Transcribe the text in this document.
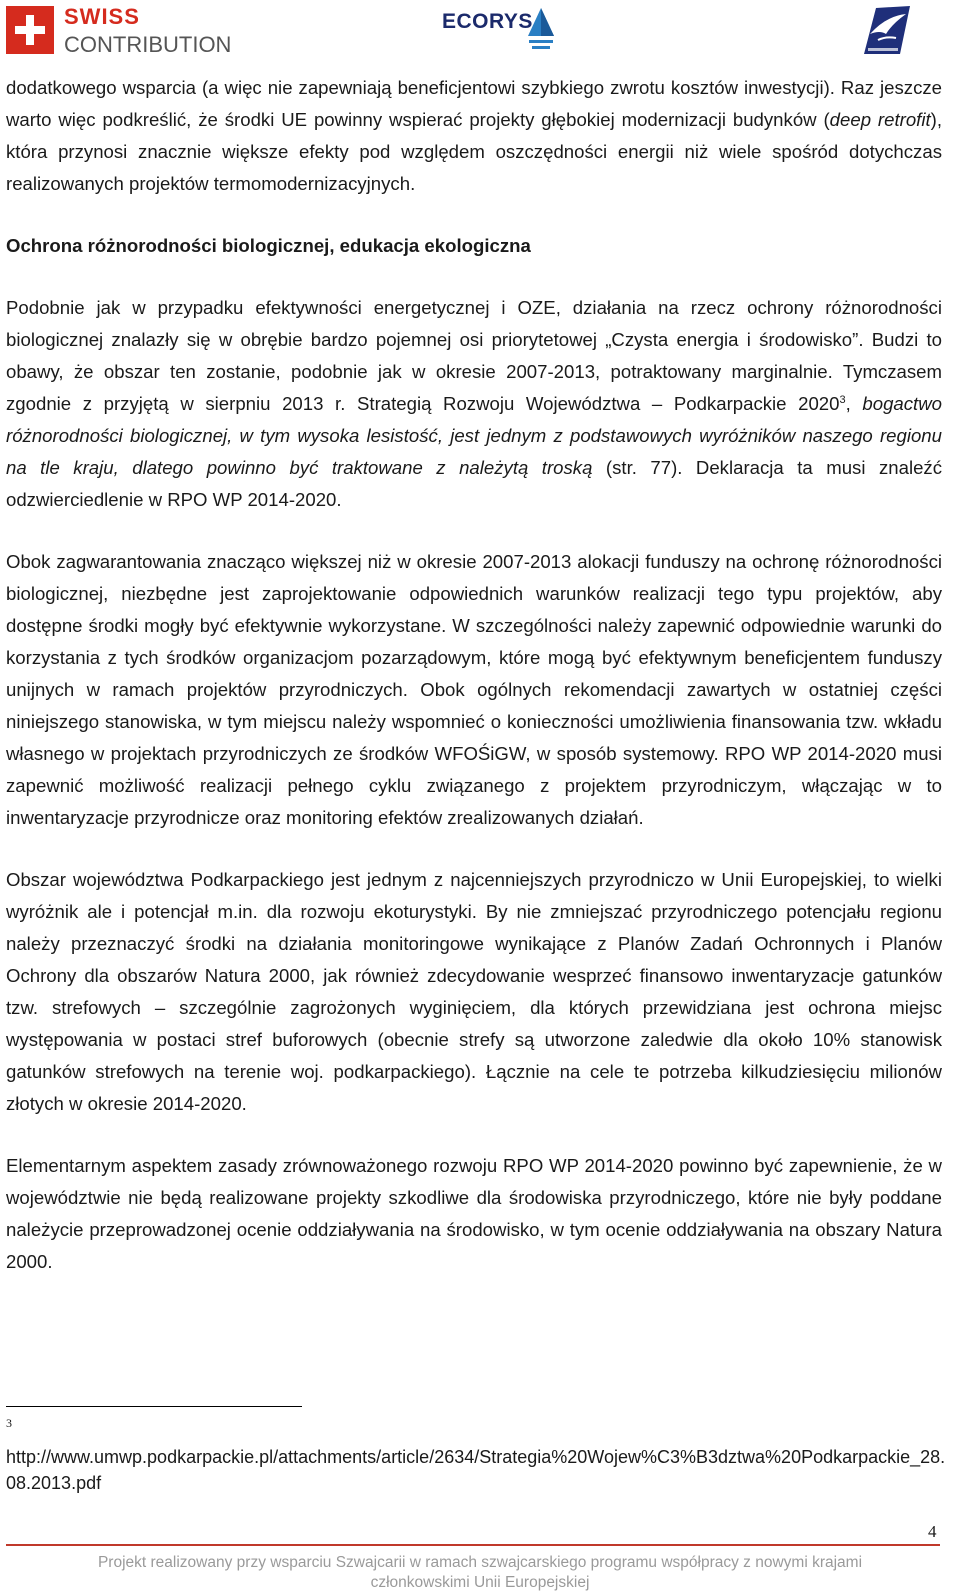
SWISS
CONTRIBUTION
ECORYS

dodatkowego wsparcia (a więc nie zapewniają beneficjentowi szybkiego zwrotu kosztów inwestycji). Raz jeszcze warto więc podkreślić, że środki UE powinny wspierać projekty głębokiej modernizacji budynków (deep retrofit), która przynosi znacznie większe efekty pod względem oszczędności energii niż wiele spośród dotychczas realizowanych projektów termomodernizacyjnych.

Ochrona różnorodności biologicznej, edukacja ekologiczna

Podobnie jak w przypadku efektywności energetycznej i OZE, działania na rzecz ochrony różnorodności biologicznej znalazły się w obrębie bardzo pojemnej osi priorytetowej „Czysta energia i środowisko”. Budzi to obawy, że obszar ten zostanie, podobnie jak w okresie 2007-2013, potraktowany marginalnie. Tymczasem zgodnie z przyjętą w sierpniu 2013 r. Strategią Rozwoju Województwa – Podkarpackie 2020$^3$, bogactwo różnorodności biologicznej, w tym wysoka lesistość, jest jednym z podstawowych wyróżników naszego regionu na tle kraju, dlatego powinno być traktowane z należytą troską (str. 77). Deklaracja ta musi znaleźć odzwierciedlenie w RPO WP 2014-2020.

Obok zagwarantowania znacząco większej niż w okresie 2007-2013 alokacji funduszy na ochronę różnorodności biologicznej, niezbędne jest zaprojektowanie odpowiednich warunków realizacji tego typu projektów, aby dostępne środki mogły być efektywnie wykorzystane. W szczególności należy zapewnić odpowiednie warunki do korzystania z tych środków organizacjom pozarządowym, które mogą być efektywnym beneficjentem funduszy unijnych w ramach projektów przyrodniczych. Obok ogólnych rekomendacji zawartych w ostatniej części niniejszego stanowiska, w tym miejscu należy wspomnieć o konieczności umożliwienia finansowania tzw. wkładu własnego w projektach przyrodniczych ze środków WFOŚiGW, w sposób systemowy. RPO WP 2014-2020 musi zapewnić możliwość realizacji pełnego cyklu związanego z projektem przyrodniczym, włączając w to inwentaryzacje przyrodnicze oraz monitoring efektów zrealizowanych działań.

Obszar województwa Podkarpackiego jest jednym z najcenniejszych przyrodniczo w Unii Europejskiej, to wielki wyróżnik ale i potencjał m.in. dla rozwoju ekoturystyki. By nie zmniejszać przyrodniczego potencjału regionu należy przeznaczyć środki na działania monitoringowe wynikające z Planów Zadań Ochronnych i Planów Ochrony dla obszarów Natura 2000, jak również zdecydowanie wesprzeć finansowo inwentaryzacje gatunków tzw. strefowych – szczególnie zagrożonych wyginięciem, dla których przewidziana jest ochrona miejsc występowania w postaci stref buforowych (obecnie strefy są utworzone zaledwie dla około 10% stanowisk gatunków strefowych na terenie woj. podkarpackiego). Łącznie na cele te potrzeba kilkudziesięciu milionów złotych w okresie 2014-2020.

Elementarnym aspektem zasady zrównoważonego rozwoju RPO WP 2014-2020 powinno być zapewnienie, że w województwie nie będą realizowane projekty szkodliwe dla środowiska przyrodniczego, które nie były poddane należycie przeprowadzonej ocenie oddziaływania na środowisko, w tym ocenie oddziaływania na obszary Natura 2000.

3
http://www.umwp.podkarpackie.pl/attachments/article/2634/Strategia%20Wojew%C3%B3dztwa%20Podkarpackie_28.08.2013.pdf
4
Projekt realizowany przy wsparciu Szwajcarii w ramach szwajcarskiego programu współpracy z nowymi krajami
członkowskimi Unii Europejskiej
